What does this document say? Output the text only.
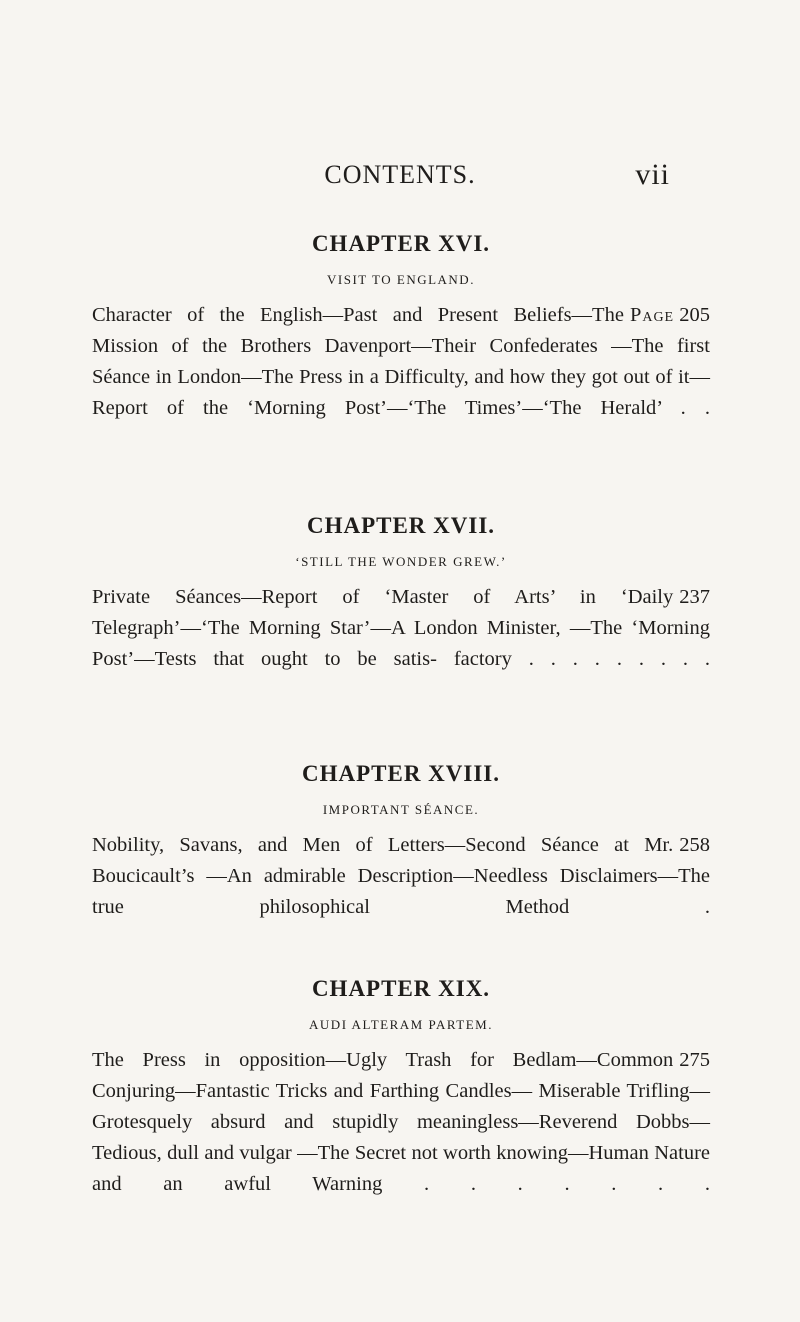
CONTENTS.	vii
CHAPTER XVI.
VISIT TO ENGLAND.

Page 205
Character of the English—Past and Present Beliefs—The Mission of the Brothers Davenport—Their Confederates —The first Séance in London—The Press in a Difficulty, and how they got out of it—Report of the ‘Morning Post’—‘The Times’—‘The Herald’ . .

CHAPTER XVII.
‘STILL THE WONDER GREW.’

237
Private Séances—Report of ‘Master of Arts’ in ‘Daily Telegraph’—‘The Morning Star’—A London Minister, —The ‘Morning Post’—Tests that ought to be satis- factory . . . . . . . . .

CHAPTER XVIII.
IMPORTANT SÉANCE.

258
Nobility, Savans, and Men of Letters—Second Séance at Mr. Boucicault’s —An admirable Description—Needless Disclaimers—The true philosophical Method .

CHAPTER XIX.
AUDI ALTERAM PARTEM.

275
The Press in opposition—Ugly Trash for Bedlam—Common Conjuring—Fantastic Tricks and Farthing Candles— Miserable Trifling—Grotesquely absurd and stupidly meaningless—Reverend Dobbs—Tedious, dull and vulgar —The Secret not worth knowing—Human Nature and an awful Warning . . . . . . .
